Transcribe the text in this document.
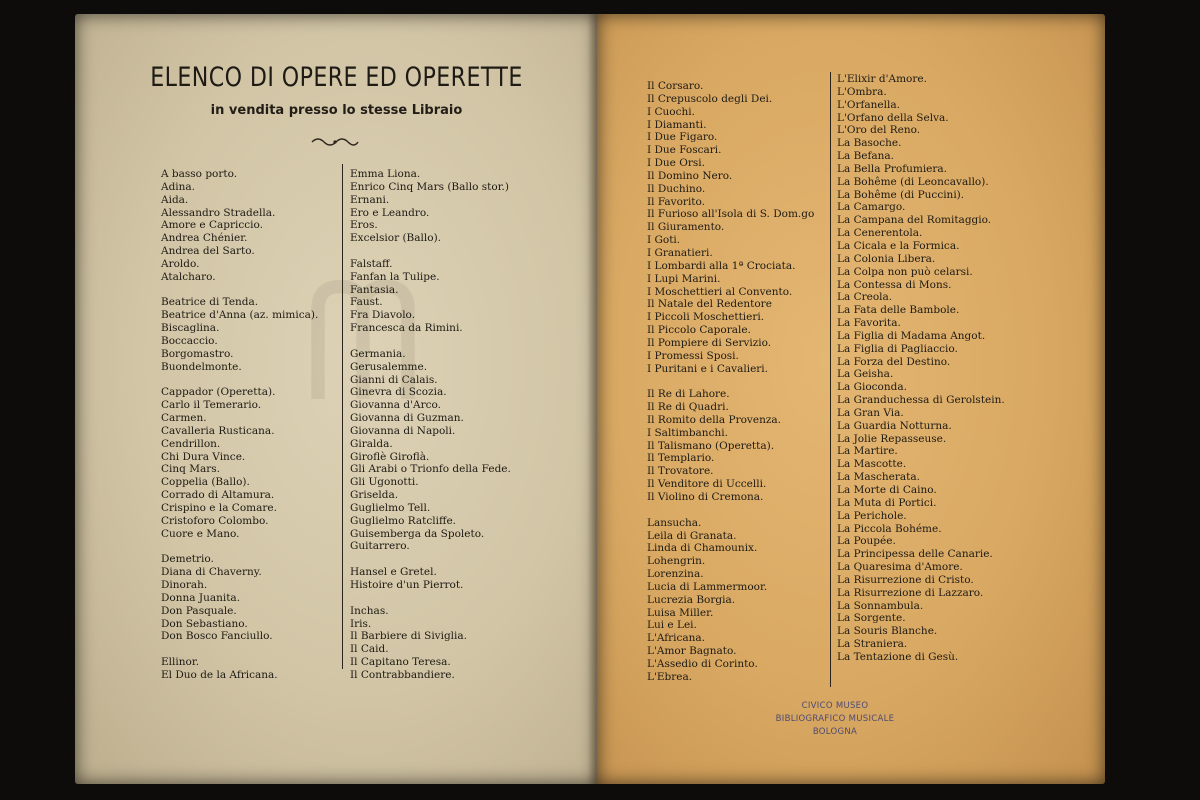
ELENCO DI OPERE ED OPERETTE
in vendita presso lo stesse Libraio
A basso porto.
Adina.
Aida.
Alessandro Stradella.
Amore e Capriccio.
Andrea Chénier.
Andrea del Sarto.
Aroldo.
Atalcharo.
Beatrice di Tenda.
Beatrice d'Anna (az. mimica).
Biscaglina.
Boccaccio.
Borgomastro.
Buondelmonte.
Cappador (Operetta).
Carlo il Temerario.
Carmen.
Cavalleria Rusticana.
Cendrillon.
Chi Dura Vince.
Cinq Mars.
Coppelia (Ballo).
Corrado di Altamura.
Crispino e la Comare.
Cristoforo Colombo.
Cuore e Mano.
Demetrio.
Diana di Chaverny.
Dinorah.
Donna Juanita.
Don Pasquale.
Don Sebastiano.
Don Bosco Fanciullo.
Ellinor.
El Duo de la Africana.
Emma Liona.
Enrico Cinq Mars (Ballo stor.)
Ernani.
Ero e Leandro.
Eros.
Excelsior (Ballo).
Falstaff.
Fanfan la Tulipe.
Fantasia.
Faust.
Fra Diavolo.
Francesca da Rimini.
Germania.
Gerusalemme.
Gianni di Calais.
Ginevra di Scozia.
Giovanna d'Arco.
Giovanna di Guzman.
Giovanna di Napoli.
Giralda.
Giroflè Giroflà.
Gli Arabi o Trionfo della Fede.
Gli Ugonotti.
Griselda.
Guglielmo Tell.
Guglielmo Ratcliffe.
Guisemberga da Spoleto.
Guitarrero.
Hansel e Gretel.
Histoire d'un Pierrot.
Inchas.
Iris.
Il Barbiere di Siviglia.
Il Caid.
Il Capitano Teresa.
Il Contrabbandiere.
Il Corsaro.
Il Crepuscolo degli Dei.
I Cuochi.
I Diamanti.
I Due Figaro.
I Due Foscari.
I Due Orsi.
Il Domino Nero.
Il Duchino.
Il Favorito.
Il Furioso all'Isola di S. Dom.go
Il Giuramento.
I Goti.
I Granatieri.
I Lombardi alla 1ª Crociata.
I Lupi Marini.
I Moschettieri al Convento.
Il Natale del Redentore
I Piccoli Moschettieri.
Il Piccolo Caporale.
Il Pompiere di Servizio.
I Promessi Sposi.
I Puritani e i Cavalieri.
Il Re di Lahore.
Il Re di Quadri.
Il Romito della Provenza.
I Saltimbanchi.
Il Talismano (Operetta).
Il Templario.
Il Trovatore.
Il Venditore di Uccelli.
Il Violino di Cremona.
Lansucha.
Leila di Granata.
Linda di Chamounix.
Lohengrin.
Lorenzina.
Lucia di Lammermoor.
Lucrezia Borgia.
Luisa Miller.
Lui e Lei.
L'Africana.
L'Amor Bagnato.
L'Assedio di Corinto.
L'Ebrea.
L'Elixir d'Amore.
L'Ombra.
L'Orfanella.
L'Orfano della Selva.
L'Oro del Reno.
La Basoche.
La Befana.
La Bella Profumiera.
La Bohême (di Leoncavallo).
La Bohême (di Puccini).
La Camargo.
La Campana del Romitaggio.
La Cenerentola.
La Cicala e la Formica.
La Colonia Libera.
La Colpa non può celarsi.
La Contessa di Mons.
La Creola.
La Fata delle Bambole.
La Favorita.
La Figlia di Madama Angot.
La Figlia di Pagliaccio.
La Forza del Destino.
La Geisha.
La Gioconda.
La Granduchessa di Gerolstein.
La Gran Via.
La Guardia Notturna.
La Jolie Repasseuse.
La Martire.
La Mascotte.
La Mascherata.
La Morte di Caino.
La Muta di Portici.
La Perichole.
La Piccola Bohéme.
La Poupée.
La Principessa delle Canarie.
La Quaresima d'Amore.
La Risurrezione di Cristo.
La Risurrezione di Lazzaro.
La Sonnambula.
La Sorgente.
La Souris Blanche.
La Straniera.
La Tentazione di Gesù.
CIVICO MUSEO
BIBLIOGRAFICO MUSICALE
BOLOGNA
